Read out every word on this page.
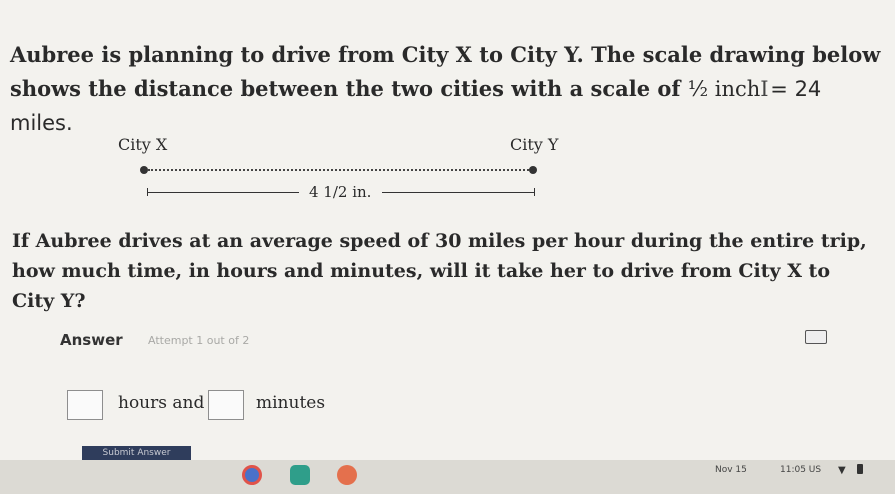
Aubree is planning to drive from City X to City Y. The scale drawing below shows the distance between the two cities with a scale of ½ inchI= 24 miles.
City X	City Y
4 1/2 in.
If Aubree drives at an average speed of 30 miles per hour during the entire trip, how much time, in hours and minutes, will it take her to drive from City X to City Y?
Answer Attempt 1 out of 2
hours and	minutes
Submit Answer
Nov 15	11:05 US ▼
